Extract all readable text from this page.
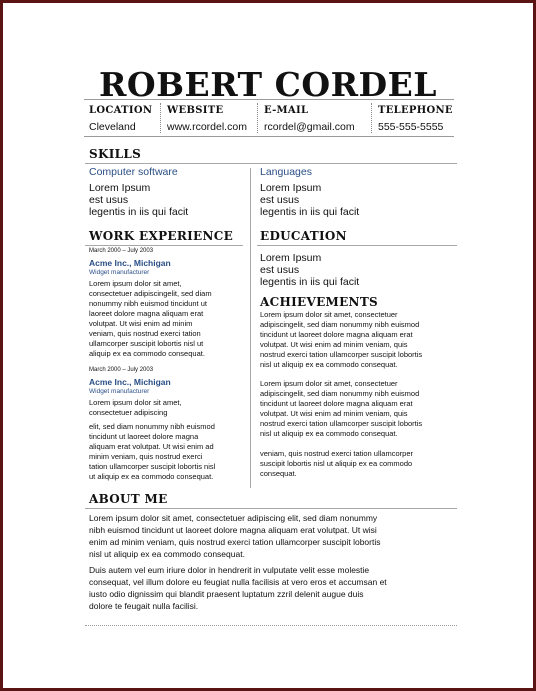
ROBERT CORDEL
LOCATION
Cleveland
WEBSITE
www.rcordel.com
E-MAIL
rcordel@gmail.com
TELEPHONE
555-555-5555
SKILLS
Computer software
Lorem Ipsum
est usus
legentis in iis qui facit
Languages
Lorem Ipsum
est usus
legentis in iis qui facit
WORK EXPERIENCE
March 2000 – July 2003
Acme Inc., Michigan
Widget manufacturer
Lorem ipsum dolor sit amet,
consectetuer adipiscingelit, sed diam
nonummy nibh euismod tincidunt ut
laoreet dolore magna aliquam erat
volutpat. Ut wisi enim ad minim
veniam, quis nostrud exerci tation
ullamcorper suscipit lobortis nisl ut
aliquip ex ea commodo consequat.
March 2000 – July 2003
Acme Inc., Michigan
Widget manufacturer
Lorem ipsum dolor sit amet,
consectetuer adipiscing
elit, sed diam nonummy nibh euismod
tincidunt ut laoreet dolore magna
aliquam erat volutpat. Ut wisi enim ad
minim veniam, quis nostrud exerci
tation ullamcorper suscipit lobortis nisl
ut aliquip ex ea commodo consequat.
EDUCATION
Lorem Ipsum
est usus
legentis in iis qui facit
ACHIEVEMENTS
Lorem ipsum dolor sit amet, consectetuer
adipiscingelit, sed diam nonummy nibh euismod
tincidunt ut laoreet dolore magna aliquam erat
volutpat. Ut wisi enim ad minim veniam, quis
nostrud exerci tation ullamcorper suscipit lobortis
nisl ut aliquip ex ea commodo consequat.
Lorem ipsum dolor sit amet, consectetuer
adipiscingelit, sed diam nonummy nibh euismod
tincidunt ut laoreet dolore magna aliquam erat
volutpat. Ut wisi enim ad minim veniam, quis
nostrud exerci tation ullamcorper suscipit lobortis
nisl ut aliquip ex ea commodo consequat.
veniam, quis nostrud exerci tation ullamcorper
suscipit lobortis nisl ut aliquip ex ea commodo
consequat.
ABOUT ME
Lorem ipsum dolor sit amet, consectetuer adipiscing elit, sed diam nonummy
nibh euismod tincidunt ut laoreet dolore magna aliquam erat volutpat. Ut wisi
enim ad minim veniam, quis nostrud exerci tation ullamcorper suscipit lobortis
nisl ut aliquip ex ea commodo consequat.
Duis autem vel eum iriure dolor in hendrerit in vulputate velit esse molestie
consequat, vel illum dolore eu feugiat nulla facilisis at vero eros et accumsan et
iusto odio dignissim qui blandit praesent luptatum zzril delenit augue duis
dolore te feugait nulla facilisi.
